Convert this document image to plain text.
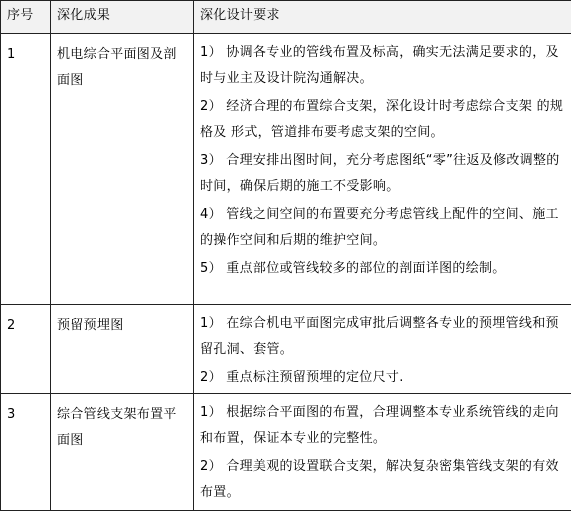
序号	深化成果	深化设计要求
1	机电综合平面图及剖面图	1） 协调各专业的管线布置及标高，确实无法满足要求的，及时与业主及设计院沟通解决。

2） 经济合理的布置综合支架，深化设计时考虑综合支架 的规格及 形式，管道排布要考虑支架的空间。

3） 合理安排出图时间，充分考虑图纸“零”往返及修改调整的时间，确保后期的施工不受影响。

4） 管线之间空间的布置要充分考虑管线上配件的空间、施工的操作空间和后期的维护空间。

5） 重点部位或管线较多的部位的剖面详图的绘制。

2	预留预埋图	1） 在综合机电平面图完成审批后调整各专业的预埋管线和预留孔洞、套管。

2） 重点标注预留预埋的定位尺寸.

3	综合管线支架布置平面图	1） 根据综合平面图的布置，合理调整本专业系统管线的走向和布置，保证本专业的完整性。

2） 合理美观的设置联合支架，解决复杂密集管线支架的有效布置。
